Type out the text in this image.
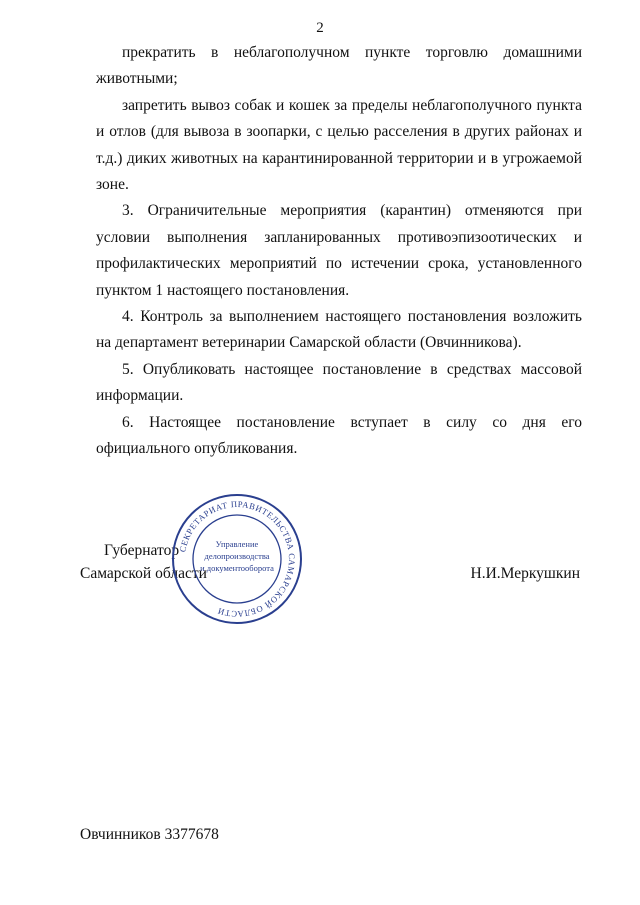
2

прекратить в неблагополучном пункте торговлю домашними животными;

запретить вывоз собак и кошек за пределы неблагополучного пункта и отлов (для вывоза в зоопарки, с целью расселения в других районах и т.д.) диких животных на карантинированной территории и в угрожаемой зоне.

3. Ограничительные мероприятия (карантин) отменяются при условии выполнения запланированных противоэпизоотических и профилактических мероприятий по истечении срока, установленного пунктом 1 настоящего постановления.

4. Контроль за выполнением настоящего постановления возложить на департамент ветеринарии Самарской области (Овчинникова).

5. Опубликовать настоящее постановление в средствах массовой информации.

6. Настоящее постановление вступает в силу со дня его официального опубликования.

Губернатор
Самарской области	Н.И.Меркушкин
СЕКРЕТАРИАТ ПРАВИТЕЛЬСТВА САМАРСКОЙ ОБЛАСТИ
Управление
делопроизводства
и документооборота
Овчинников 3377678
